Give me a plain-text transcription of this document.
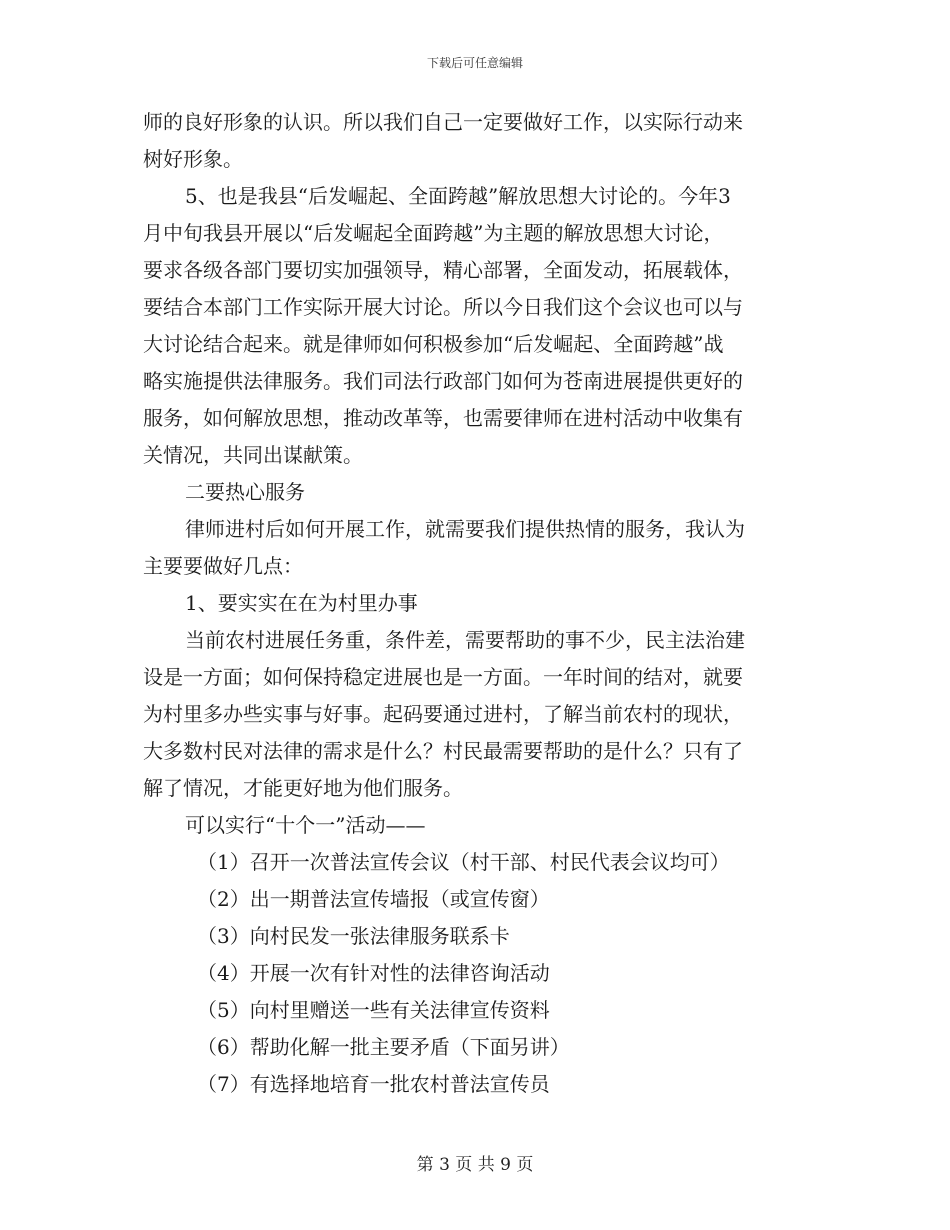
下载后可任意编辑
师的良好形象的认识。所以我们自己一定要做好工作，以实际行动来
树好形象。
5、也是我县“后发崛起、全面跨越”解放思想大讨论的。今年3
月中旬我县开展以“后发崛起全面跨越”为主题的解放思想大讨论，
要求各级各部门要切实加强领导，精心部署，全面发动，拓展载体，
要结合本部门工作实际开展大讨论。所以今日我们这个会议也可以与
大讨论结合起来。就是律师如何积极参加“后发崛起、全面跨越”战
略实施提供法律服务。我们司法行政部门如何为苍南进展提供更好的
服务，如何解放思想，推动改革等，也需要律师在进村活动中收集有
关情况，共同出谋献策。
二要热心服务
律师进村后如何开展工作，就需要我们提供热情的服务，我认为
主要要做好几点：
1、要实实在在为村里办事
当前农村进展任务重，条件差，需要帮助的事不少，民主法治建
设是一方面；如何保持稳定进展也是一方面。一年时间的结对，就要
为村里多办些实事与好事。起码要通过进村，了解当前农村的现状，
大多数村民对法律的需求是什么？村民最需要帮助的是什么？只有了
解了情况，才能更好地为他们服务。
可以实行“十个一”活动——
（1）召开一次普法宣传会议（村干部、村民代表会议均可）
（2）出一期普法宣传墙报（或宣传窗）
（3）向村民发一张法律服务联系卡
（4）开展一次有针对性的法律咨询活动
（5）向村里赠送一些有关法律宣传资料
（6）帮助化解一批主要矛盾（下面另讲）
（7）有选择地培育一批农村普法宣传员
第 3 页 共 9 页
